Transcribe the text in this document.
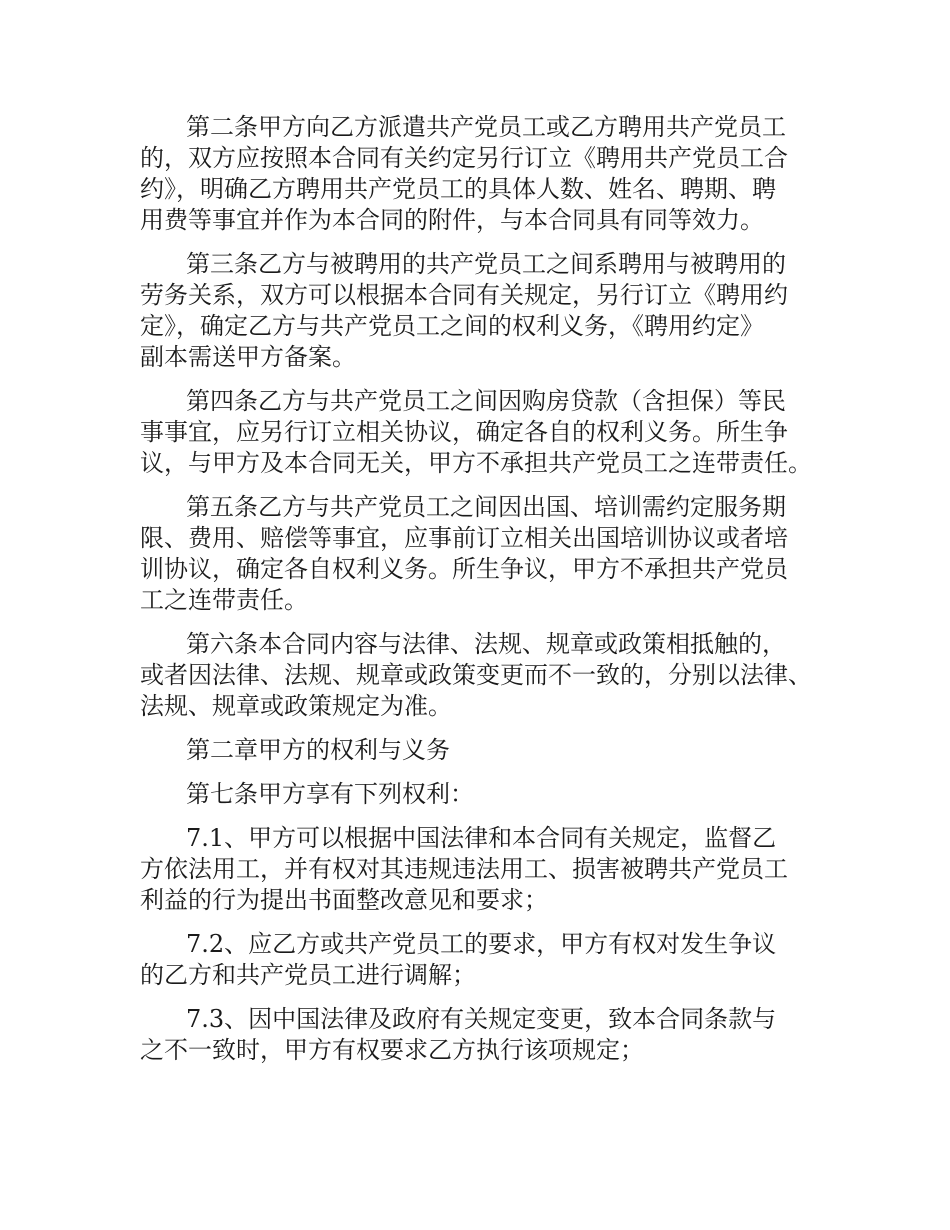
第二条甲方向乙方派遣共产党员工或乙方聘用共产党员工
的，双方应按照本合同有关约定另行订立《聘用共产党员工合
约》，明确乙方聘用共产党员工的具体人数、姓名、聘期、聘
用费等事宜并作为本合同的附件，与本合同具有同等效力。
第三条乙方与被聘用的共产党员工之间系聘用与被聘用的
劳务关系，双方可以根据本合同有关规定，另行订立《聘用约
定》，确定乙方与共产党员工之间的权利义务，《聘用约定》
副本需送甲方备案。
第四条乙方与共产党员工之间因购房贷款（含担保）等民
事事宜，应另行订立相关协议，确定各自的权利义务。所生争
议，与甲方及本合同无关，甲方不承担共产党员工之连带责任。
第五条乙方与共产党员工之间因出国、培训需约定服务期
限、费用、赔偿等事宜，应事前订立相关出国培训协议或者培
训协议，确定各自权利义务。所生争议，甲方不承担共产党员
工之连带责任。
第六条本合同内容与法律、法规、规章或政策相抵触的，
或者因法律、法规、规章或政策变更而不一致的，分别以法律、
法规、规章或政策规定为准。
第二章甲方的权利与义务
第七条甲方享有下列权利：
7.1、甲方可以根据中国法律和本合同有关规定，监督乙
方依法用工，并有权对其违规违法用工、损害被聘共产党员工
利益的行为提出书面整改意见和要求；
7.2、应乙方或共产党员工的要求，甲方有权对发生争议
的乙方和共产党员工进行调解；
7.3、因中国法律及政府有关规定变更，致本合同条款与
之不一致时，甲方有权要求乙方执行该项规定；
